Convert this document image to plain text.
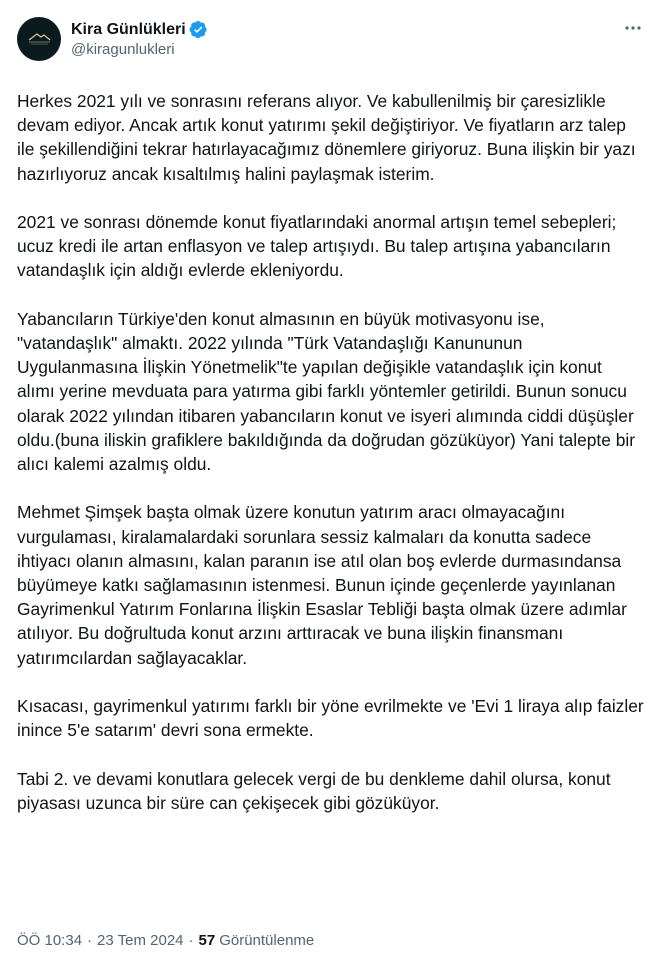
Kira Günlükleri
@kiragunlukleri

Herkes 2021 yılı ve sonrasını referans alıyor. Ve kabullenilmiş bir çaresizlikle devam ediyor. Ancak artık konut yatırımı şekil değiştiriyor. Ve fiyatların arz talep ile şekillendiğini tekrar hatırlayacağımız dönemlere giriyoruz. Buna ilişkin bir yazı hazırlıyoruz ancak kısaltılmış halini paylaşmak isterim.

2021 ve sonrası dönemde konut fiyatlarındaki anormal artışın temel sebepleri; ucuz kredi ile artan enflasyon ve talep artışıydı. Bu talep artışına yabancıların vatandaşlık için aldığı evlerde ekleniyordu.

Yabancıların Türkiye'den konut almasının en büyük motivasyonu ise, "vatandaşlık" almaktı. 2022 yılında "Türk Vatandaşlığı Kanununun Uygulanmasına İlişkin Yönetmelik"te yapılan değişikle vatandaşlık için konut alımı yerine mevduata para yatırma gibi farklı yöntemler getirildi. Bunun sonucu olarak 2022 yılından itibaren yabancıların konut ve isyeri alımında ciddi düşüşler oldu.(buna iliskin grafiklere bakıldığında da doğrudan gözüküyor) Yani talepte bir alıcı kalemi azalmış oldu.

Mehmet Şimşek başta olmak üzere konutun yatırım aracı olmayacağını vurgulaması, kiralamalardaki sorunlara sessiz kalmaları da konutta sadece ihtiyacı olanın almasını, kalan paranın ise atıl olan boş evlerde durmasındansa büyümeye katkı sağlamasının istenmesi. Bunun içinde geçenlerde yayınlanan Gayrimenkul Yatırım Fonlarına İlişkin Esaslar Tebliği başta olmak üzere adımlar atılıyor. Bu doğrultuda konut arzını arttıracak ve buna ilişkin finansmanı yatırımcılardan sağlayacaklar.

Kısacası, gayrimenkul yatırımı farklı bir yöne evrilmekte ve 'Evi 1 liraya alıp faizler inince 5'e satarım' devri sona ermekte.

Tabi 2. ve devami konutlara gelecek vergi de bu denkleme dahil olursa, konut piyasası uzunca bir süre can çekişecek gibi gözüküyor.

ÖÖ 10:34 · 23 Tem 2024 · 57 Görüntülenme
